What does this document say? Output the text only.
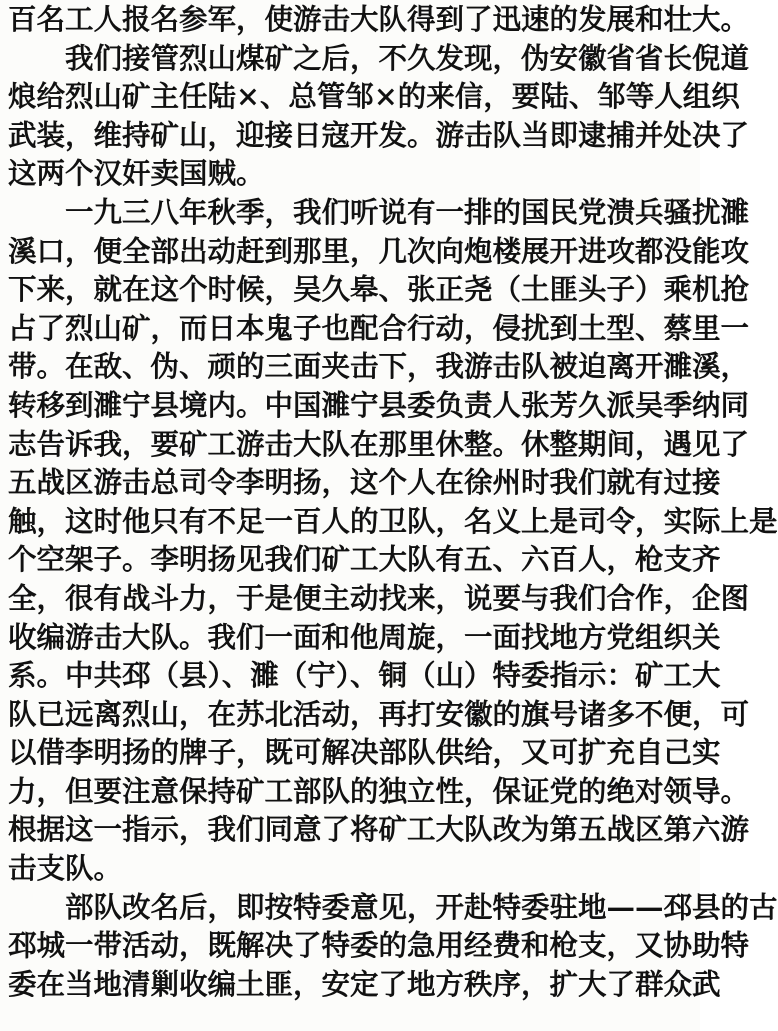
百名工人报名参军，使游击大队得到了迅速的发展和壮大。
我们接管烈山煤矿之后，不久发现，伪安徽省省长倪道
烺给烈山矿主任陆×、总管邹×的来信，要陆、邹等人组织
武装，维持矿山，迎接日寇开发。游击队当即逮捕并处决了
这两个汉奸卖国贼。
一九三八年秋季，我们听说有一排的国民党溃兵骚扰濉
溪口，便全部出动赶到那里，几次向炮楼展开进攻都没能攻
下来，就在这个时候，吴久皋、张正尧（土匪头子）乘机抢
占了烈山矿，而日本鬼子也配合行动，侵扰到土型、蔡里一
带。在敌、伪、顽的三面夹击下，我游击队被迫离开濉溪，
转移到濉宁县境内。中国濉宁县委负责人张芳久派吴季纳同
志告诉我，要矿工游击大队在那里休整。休整期间，遇见了
五战区游击总司令李明扬，这个人在徐州时我们就有过接
触，这时他只有不足一百人的卫队，名义上是司令，实际上是
个空架子。李明扬见我们矿工大队有五、六百人，枪支齐
全，很有战斗力，于是便主动找来，说要与我们合作，企图
收编游击大队。我们一面和他周旋，一面找地方党组织关
系。中共邳（县）、濉（宁）、铜（山）特委指示：矿工大
队已远离烈山，在苏北活动，再打安徽的旗号诸多不便，可
以借李明扬的牌子，既可解决部队供给，又可扩充自己实
力，但要注意保持矿工部队的独立性，保证党的绝对领导。
根据这一指示，我们同意了将矿工大队改为第五战区第六游
击支队。
部队改名后，即按特委意见，开赴特委驻地——邳县的古
邳城一带活动，既解决了特委的急用经费和枪支，又协助特
委在当地清剿收编土匪，安定了地方秩序，扩大了群众武
